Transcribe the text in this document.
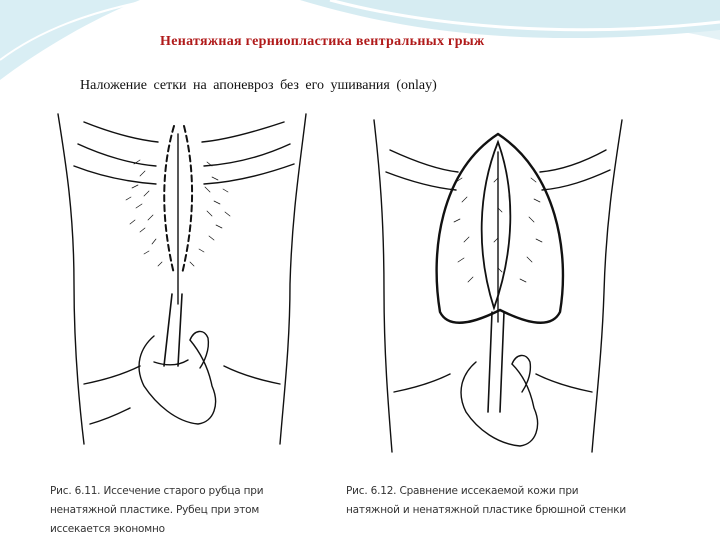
Ненатяжная герниопластика вентральных грыж
Наложение сетки на апоневроз без его ушивания (onlay)
Рис. 6.11. Иссечение старого рубца при ненатяжной пластике. Рубец при этом иссекается экономно
Рис. 6.12. Сравнение иссекаемой кожи при натяжной и ненатяжной пластике брюшной стенки
